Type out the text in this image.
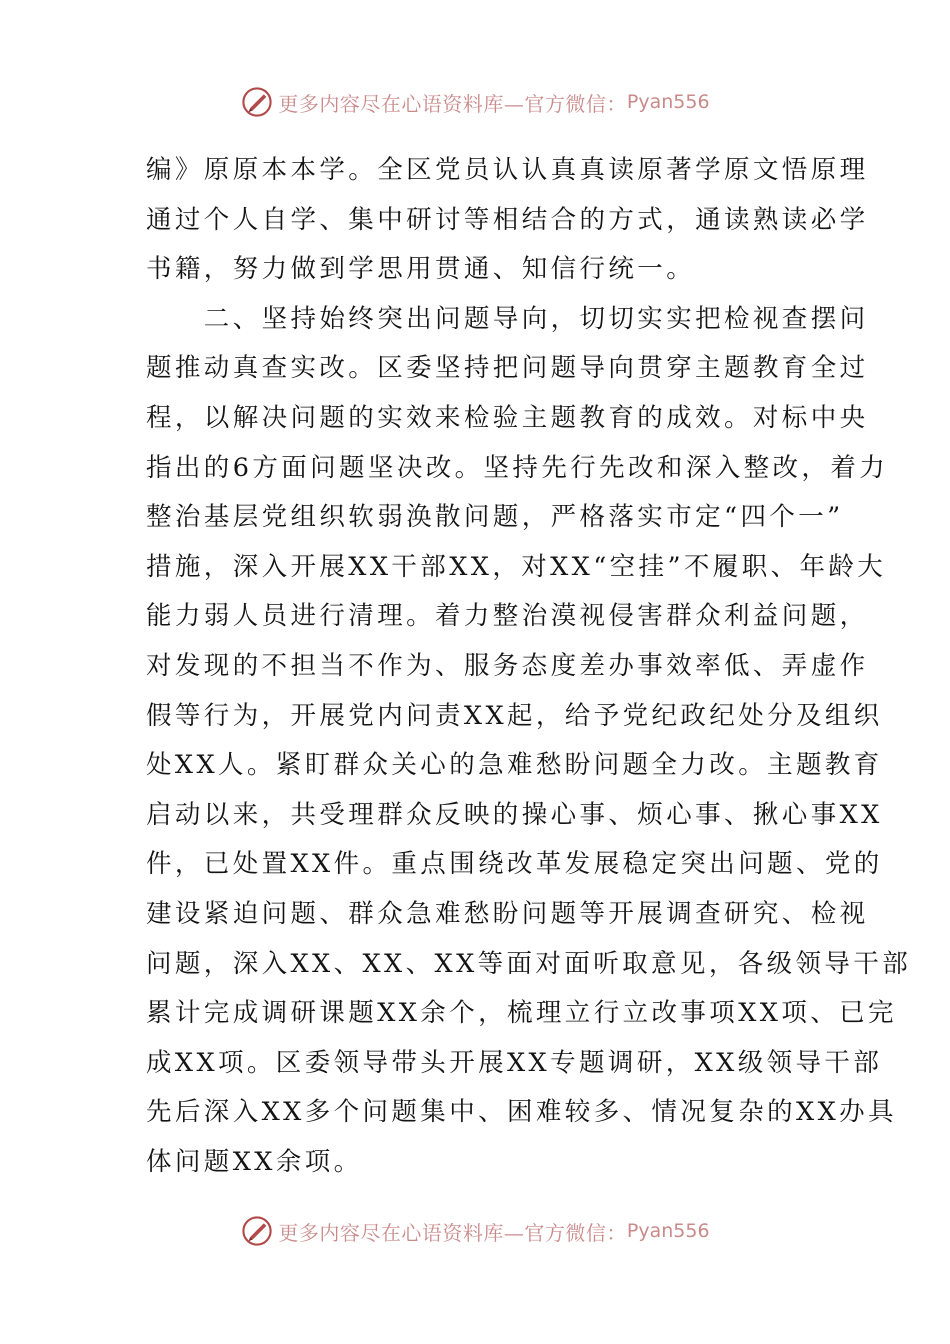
更多内容尽在心语资料库—官方微信： Pyan556
编》原原本本学。全区党员认认真真读原著学原文悟原理
通过个人自学、集中研讨等相结合的方式，通读熟读必学
书籍，努力做到学思用贯通、知信行统一。
　　二、坚持始终突出问题导向，切切实实把检视查摆问
题推动真查实改。区委坚持把问题导向贯穿主题教育全过
程，以解决问题的实效来检验主题教育的成效。对标中央
指出的6方面问题坚决改。坚持先行先改和深入整改，着力
整治基层党组织软弱涣散问题，严格落实市定“四个一”
措施，深入开展XX干部XX，对XX“空挂”不履职、年龄大
能力弱人员进行清理。着力整治漠视侵害群众利益问题，
对发现的不担当不作为、服务态度差办事效率低、弄虚作
假等行为，开展党内问责XX起，给予党纪政纪处分及组织
处XX人。紧盯群众关心的急难愁盼问题全力改。主题教育
启动以来，共受理群众反映的操心事、烦心事、揪心事XX
件，已处置XX件。重点围绕改革发展稳定突出问题、党的
建设紧迫问题、群众急难愁盼问题等开展调查研究、检视
问题，深入XX、XX、XX等面对面听取意见，各级领导干部
累计完成调研课题XX余个，梳理立行立改事项XX项、已完
成XX项。区委领导带头开展XX专题调研，XX级领导干部
先后深入XX多个问题集中、困难较多、情况复杂的XX办具
体问题XX余项。
更多内容尽在心语资料库—官方微信： Pyan556
